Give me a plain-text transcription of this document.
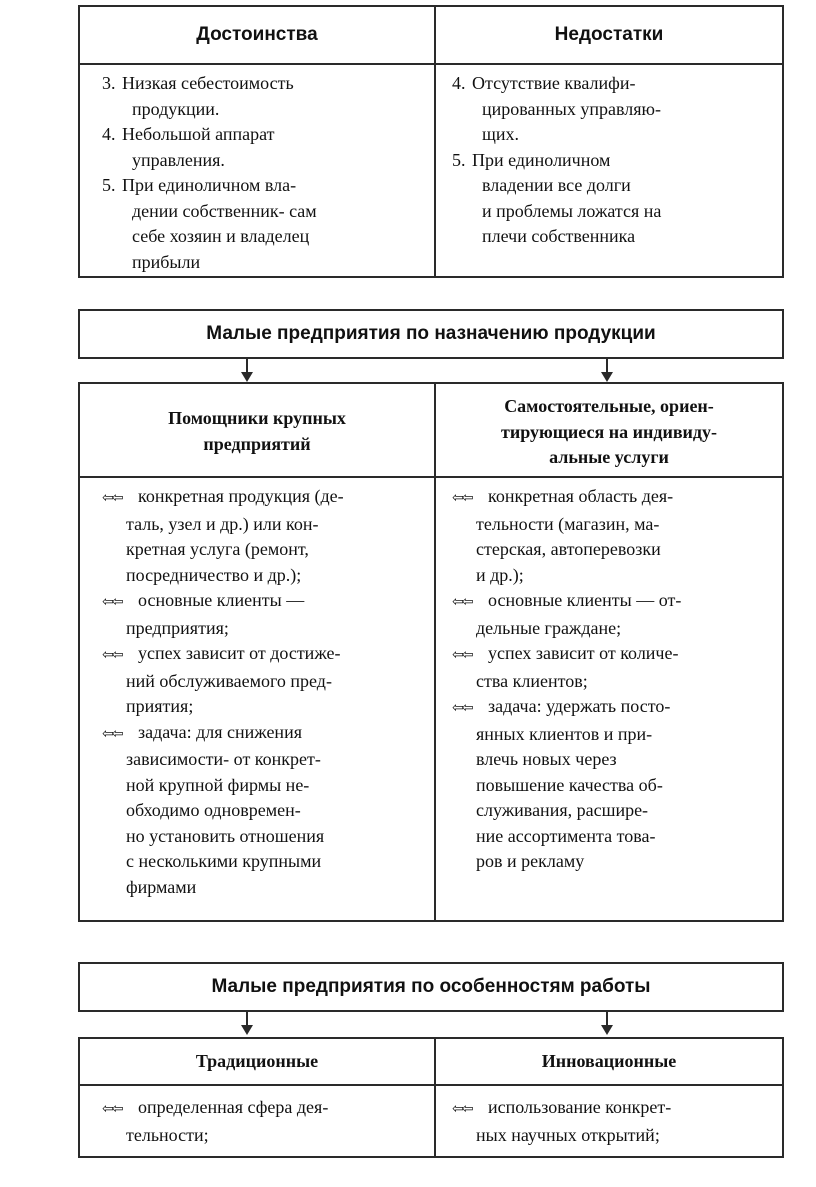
Достоинства	Недостатки
3. Низкая себестоимость
продукции.
4. Небольшой аппарат
управления.
5. При единоличном вла-
дении собственник- сам
себе хозяин и владелец
прибыли
4. Отсутствие квалифи-
цированных управляю-
щих.
5. При единоличном
владении все долги
и проблемы ложатся на
плечи собственника
Малые предприятия по назначению продукции
Помощники крупных
предприятий
Самостоятельные, ориен-
тирующиеся на индивиду-
альные услуги
⇦⇦ конкретная продукция (де-
таль, узел и др.) или кон-
кретная услуга (ремонт,
посредничество и др.);
⇦⇦ основные клиенты —
предприятия;
⇦⇦ успех зависит от достиже-
ний обслуживаемого пред-
приятия;
⇦⇦ задача: для снижения
зависимости- от конкрет-
ной крупной фирмы не-
обходимо одновремен-
но установить отношения
с несколькими крупными
фирмами
⇦⇦ конкретная область дея-
тельности (магазин, ма-
стерская, автоперевозки
и др.);
⇦⇦ основные клиенты — от-
дельные граждане;
⇦⇦ успех зависит от количе-
ства клиентов;
⇦⇦ задача: удержать посто-
янных клиентов и при-
влечь новых через
повышение качества об-
служивания, расшире-
ние ассортимента това-
ров и рекламу
Малые предприятия по особенностям работы
Традиционные	Инновационные
⇦⇦ определенная сфера дея-
тельности;
⇦⇦ использование конкрет-
ных научных открытий;
